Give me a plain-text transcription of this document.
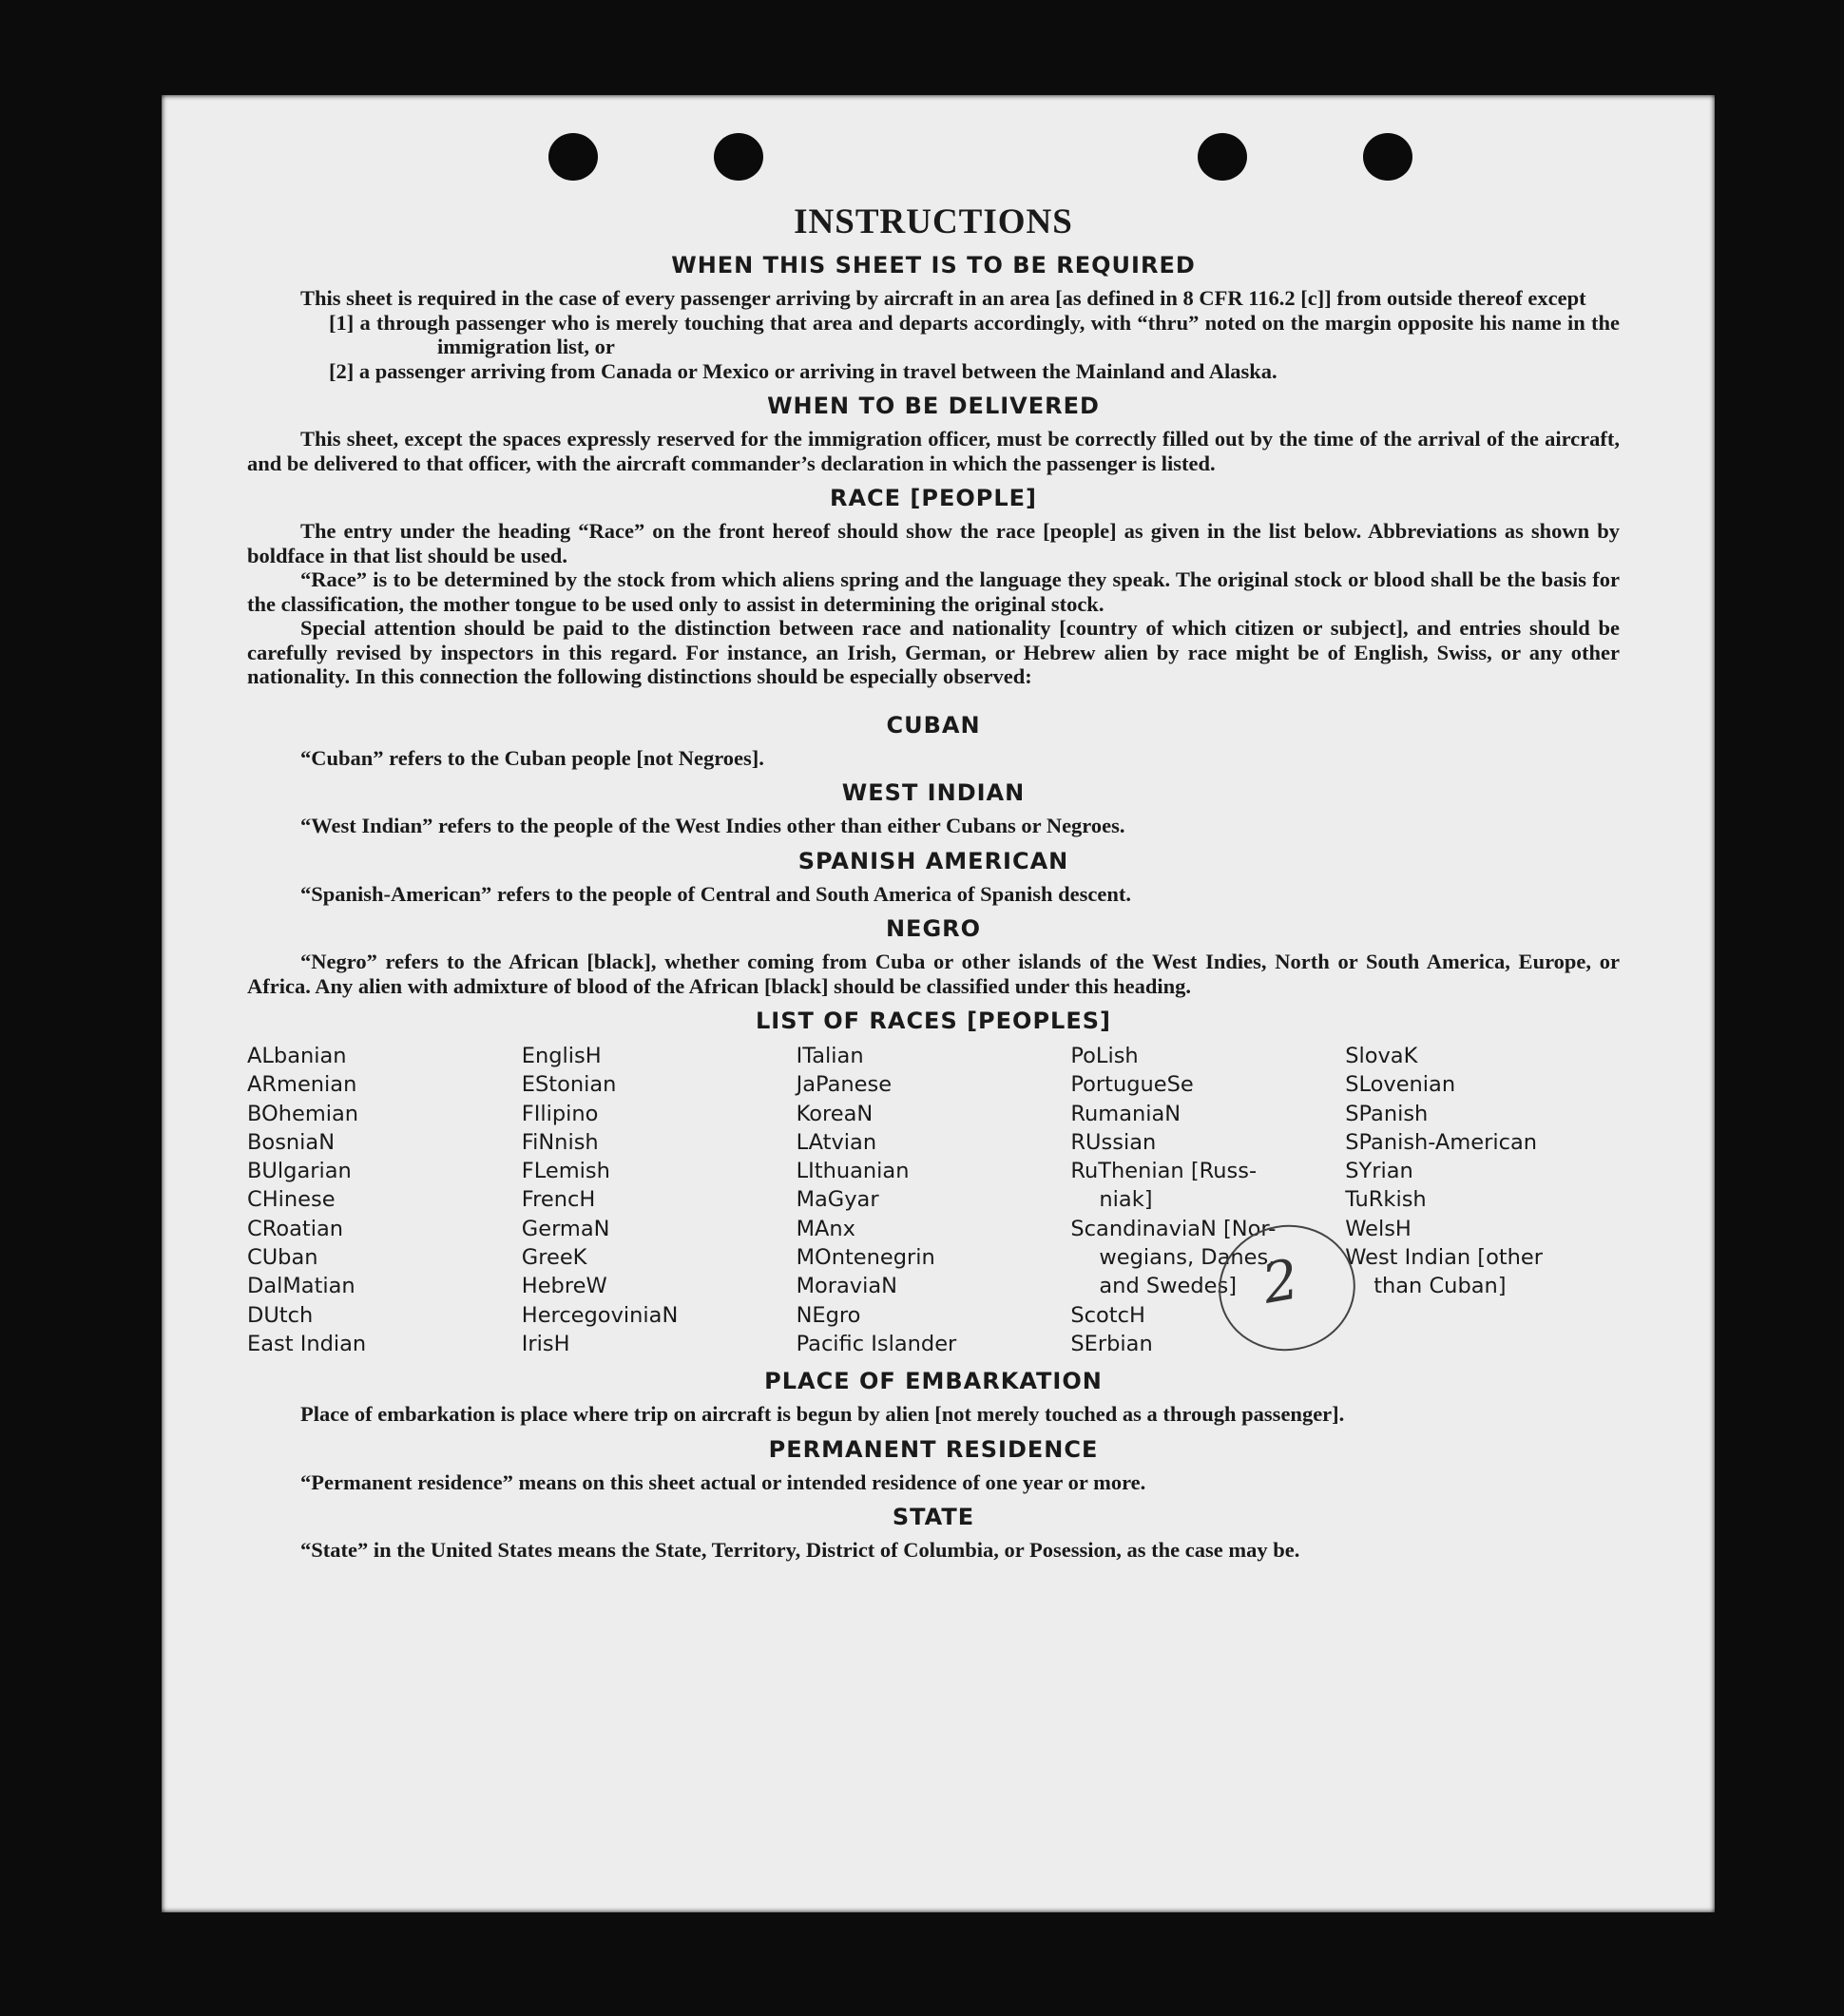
INSTRUCTIONS
WHEN THIS SHEET IS TO BE REQUIRED

This sheet is required in the case of every passenger arriving by aircraft in an area [as defined in 8 CFR 116.2 [c]] from outside thereof except

[1] a through passenger who is merely touching that area and departs accordingly, with “thru” noted on the margin opposite his name in the immigration list, or

[2] a passenger arriving from Canada or Mexico or arriving in travel between the Mainland and Alaska.

WHEN TO BE DELIVERED

This sheet, except the spaces expressly reserved for the immigration officer, must be correctly filled out by the time of the arrival of the aircraft, and be delivered to that officer, with the aircraft commander’s declaration in which the passenger is listed.

RACE [PEOPLE]

The entry under the heading “Race” on the front hereof should show the race [people] as given in the list below. Abbreviations as shown by boldface in that list should be used.

“Race” is to be determined by the stock from which aliens spring and the language they speak. The original stock or blood shall be the basis for the classification, the mother tongue to be used only to assist in determining the original stock.

Special attention should be paid to the distinction between race and nationality [country of which citizen or subject], and entries should be carefully revised by inspectors in this regard. For instance, an Irish, German, or Hebrew alien by race might be of English, Swiss, or any other nationality. In this connection the following distinctions should be especially observed:

CUBAN

“Cuban” refers to the Cuban people [not Negroes].

WEST INDIAN

“West Indian” refers to the people of the West Indies other than either Cubans or Negroes.

SPANISH AMERICAN

“Spanish-American” refers to the people of Central and South America of Spanish descent.

NEGRO

“Negro” refers to the African [black], whether coming from Cuba or other islands of the West Indies, North or South America, Europe, or Africa. Any alien with admixture of blood of the African [black] should be classified under this heading.

LIST OF RACES [PEOPLES]
ALbanian
ARmenian
BOhemian
BosniaN
BUlgarian
CHinese
CRoatian
CUban
DalMatian
DUtch
East Indian
EnglisH
EStonian
FIlipino
FiNnish
FLemish
FrencH
GermaN
GreeK
HebreW
HercegoviniaN
IrisH
ITalian
JaPanese
KoreaN
LAtvian
LIthuanian
MaGyar
MAnx
MOntenegrin
MoraviaN
NEgro
Pacific Islander
PoLish
PortugueSe
RumaniaN
RUssian
RuThenian [Russ-
niak]
ScandinaviaN [Nor-
wegians, Danes,
and Swedes]
ScotcH
SErbian
SlovaK
SLovenian
SPanish
SPanish-American
SYrian
TuRkish
WelsH
West Indian [other
than Cuban]
PLACE OF EMBARKATION

Place of embarkation is place where trip on aircraft is begun by alien [not merely touched as a through passenger].

PERMANENT RESIDENCE

“Permanent residence” means on this sheet actual or intended residence of one year or more.

STATE

“State” in the United States means the State, Territory, District of Columbia, or Posession, as the case may be.

2
